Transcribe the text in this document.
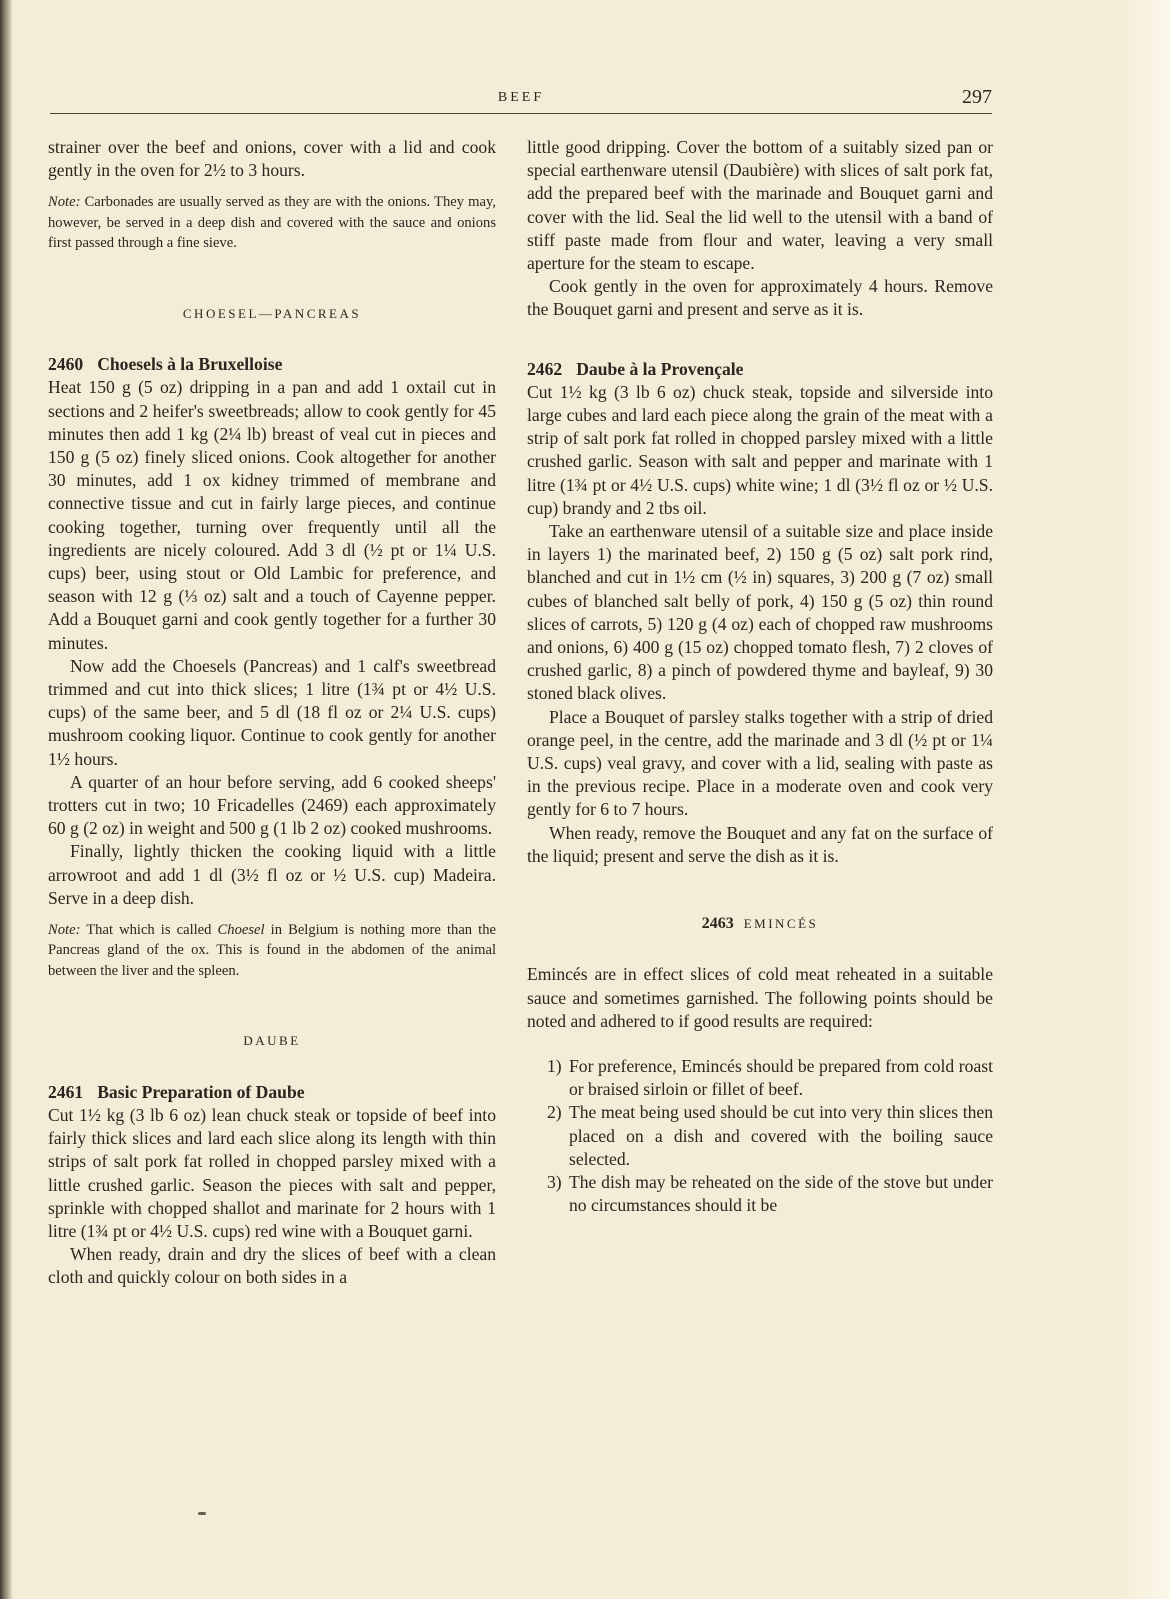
BEEF	297

strainer over the beef and onions, cover with a lid and cook gently in the oven for 2½ to 3 hours.

Note: Carbonades are usually served as they are with the onions. They may, however, be served in a deep dish and covered with the sauce and onions first passed through a fine sieve.

CHOESEL—PANCREAS

2460 Choesels à la Bruxelloise

Heat 150 g (5 oz) dripping in a pan and add 1 oxtail cut in sections and 2 heifer's sweetbreads; allow to cook gently for 45 minutes then add 1 kg (2¼ lb) breast of veal cut in pieces and 150 g (5 oz) finely sliced onions. Cook altogether for another 30 minutes, add 1 ox kidney trimmed of membrane and connective tissue and cut in fairly large pieces, and continue cooking together, turning over frequently until all the ingredients are nicely coloured. Add 3 dl (½ pt or 1¼ U.S. cups) beer, using stout or Old Lambic for preference, and season with 12 g (⅓ oz) salt and a touch of Cayenne pepper. Add a Bouquet garni and cook gently together for a further 30 minutes.

Now add the Choesels (Pancreas) and 1 calf's sweetbread trimmed and cut into thick slices; 1 litre (1¾ pt or 4½ U.S. cups) of the same beer, and 5 dl (18 fl oz or 2¼ U.S. cups) mushroom cooking liquor. Continue to cook gently for another 1½ hours.

A quarter of an hour before serving, add 6 cooked sheeps' trotters cut in two; 10 Fricadelles (2469) each approximately 60 g (2 oz) in weight and 500 g (1 lb 2 oz) cooked mushrooms.

Finally, lightly thicken the cooking liquid with a little arrowroot and add 1 dl (3½ fl oz or ½ U.S. cup) Madeira. Serve in a deep dish.

Note: That which is called Choesel in Belgium is nothing more than the Pancreas gland of the ox. This is found in the abdomen of the animal between the liver and the spleen.

DAUBE

2461 Basic Preparation of Daube

Cut 1½ kg (3 lb 6 oz) lean chuck steak or topside of beef into fairly thick slices and lard each slice along its length with thin strips of salt pork fat rolled in chopped parsley mixed with a little crushed garlic. Season the pieces with salt and pepper, sprinkle with chopped shallot and marinate for 2 hours with 1 litre (1¾ pt or 4½ U.S. cups) red wine with a Bouquet garni.

When ready, drain and dry the slices of beef with a clean cloth and quickly colour on both sides in a

little good dripping. Cover the bottom of a suitably sized pan or special earthenware utensil (Daubière) with slices of salt pork fat, add the prepared beef with the marinade and Bouquet garni and cover with the lid. Seal the lid well to the utensil with a band of stiff paste made from flour and water, leaving a very small aperture for the steam to escape.

Cook gently in the oven for approximately 4 hours. Remove the Bouquet garni and present and serve as it is.

2462 Daube à la Provençale

Cut 1½ kg (3 lb 6 oz) chuck steak, topside and silverside into large cubes and lard each piece along the grain of the meat with a strip of salt pork fat rolled in chopped parsley mixed with a little crushed garlic. Season with salt and pepper and marinate with 1 litre (1¾ pt or 4½ U.S. cups) white wine; 1 dl (3½ fl oz or ½ U.S. cup) brandy and 2 tbs oil.

Take an earthenware utensil of a suitable size and place inside in layers 1) the marinated beef, 2) 150 g (5 oz) salt pork rind, blanched and cut in 1½ cm (½ in) squares, 3) 200 g (7 oz) small cubes of blanched salt belly of pork, 4) 150 g (5 oz) thin round slices of carrots, 5) 120 g (4 oz) each of chopped raw mushrooms and onions, 6) 400 g (15 oz) chopped tomato flesh, 7) 2 cloves of crushed garlic, 8) a pinch of powdered thyme and bayleaf, 9) 30 stoned black olives.

Place a Bouquet of parsley stalks together with a strip of dried orange peel, in the centre, add the marinade and 3 dl (½ pt or 1¼ U.S. cups) veal gravy, and cover with a lid, sealing with paste as in the previous recipe. Place in a moderate oven and cook very gently for 6 to 7 hours.

When ready, remove the Bouquet and any fat on the surface of the liquid; present and serve the dish as it is.

2463 EMINCÉS

Emincés are in effect slices of cold meat reheated in a suitable sauce and sometimes garnished. The following points should be noted and adhered to if good results are required:

1) For preference, Emincés should be prepared from cold roast or braised sirloin or fillet of beef.
2) The meat being used should be cut into very thin slices then placed on a dish and covered with the boiling sauce selected.
3) The dish may be reheated on the side of the stove but under no circumstances should it be
